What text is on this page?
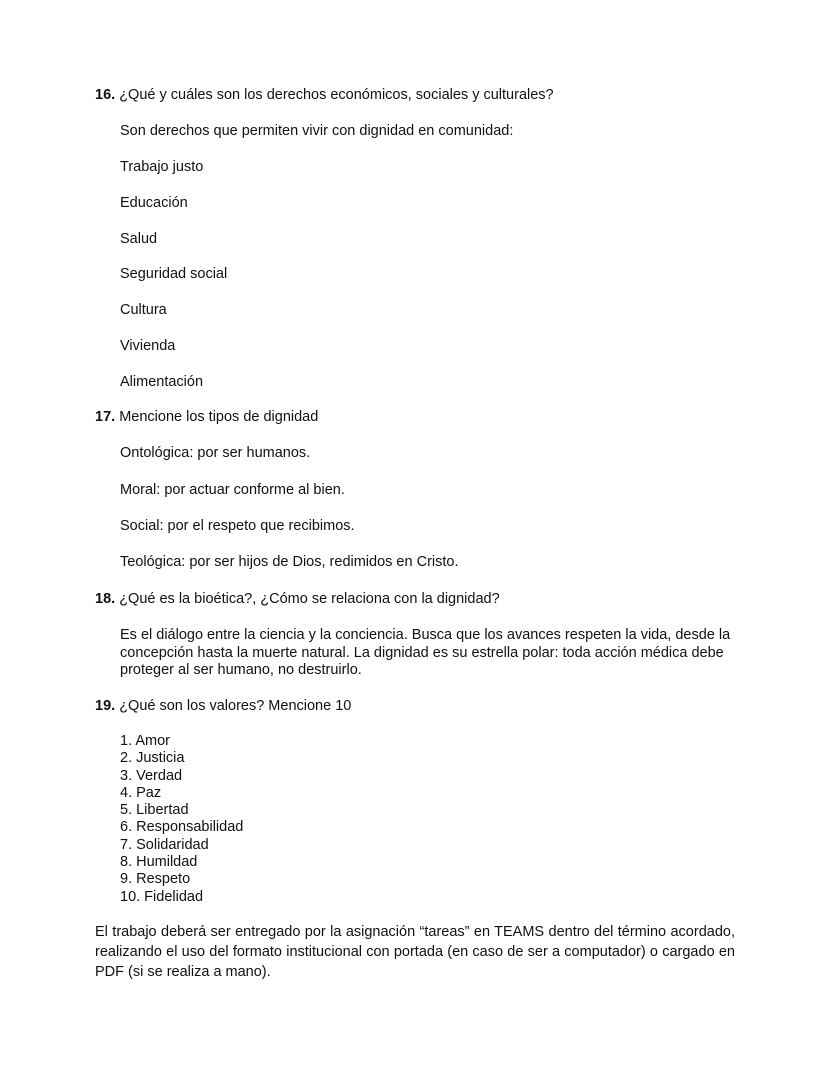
16. ¿Qué y cuáles son los derechos económicos, sociales y culturales?
Son derechos que permiten vivir con dignidad en comunidad:
Trabajo justo
Educación
Salud
Seguridad social
Cultura
Vivienda
Alimentación
17. Mencione los tipos de dignidad
Ontológica: por ser humanos.
Moral: por actuar conforme al bien.
Social: por el respeto que recibimos.
Teológica: por ser hijos de Dios, redimidos en Cristo.
18. ¿Qué es la bioética?, ¿Cómo se relaciona con la dignidad?
Es el diálogo entre la ciencia y la conciencia. Busca que los avances respeten la vida, desde la concepción hasta la muerte natural. La dignidad es su estrella polar: toda acción médica debe proteger al ser humano, no destruirlo.
19. ¿Qué son los valores? Mencione 10
1. Amor
2. Justicia
3. Verdad
4. Paz
5. Libertad
6. Responsabilidad
7. Solidaridad
8. Humildad
9. Respeto
10. Fidelidad
El trabajo deberá ser entregado por la asignación “tareas” en TEAMS dentro del término acordado, realizando el uso del formato institucional con portada (en caso de ser a computador) o cargado en PDF (si se realiza a mano).
